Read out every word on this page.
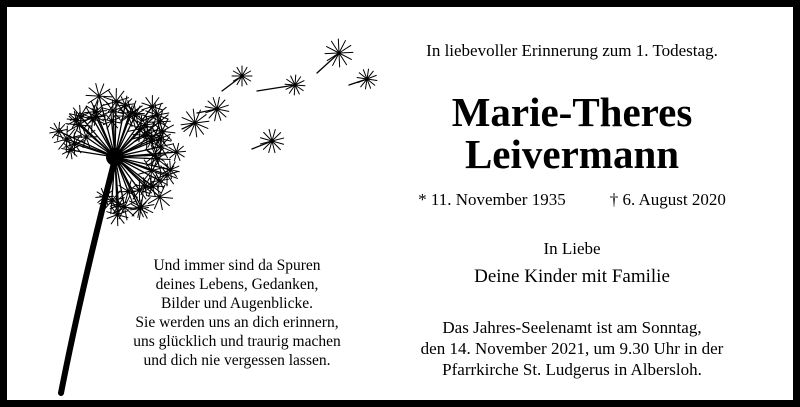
Und immer sind da Spuren
deines Lebens, Gedanken,
Bilder und Augenblicke.
Sie werden uns an dich erinnern,
uns glücklich und traurig machen
und dich nie vergessen lassen.
In liebevoller Erinnerung zum 1. Todestag.
Marie-Theres
Leivermann
* 11. November 1935	† 6. August 2020
In Liebe
Deine Kinder mit Familie
Das Jahres-Seelenamt ist am Sonntag,
den 14. November 2021, um 9.30 Uhr in der
Pfarrkirche St. Ludgerus in Albersloh.
